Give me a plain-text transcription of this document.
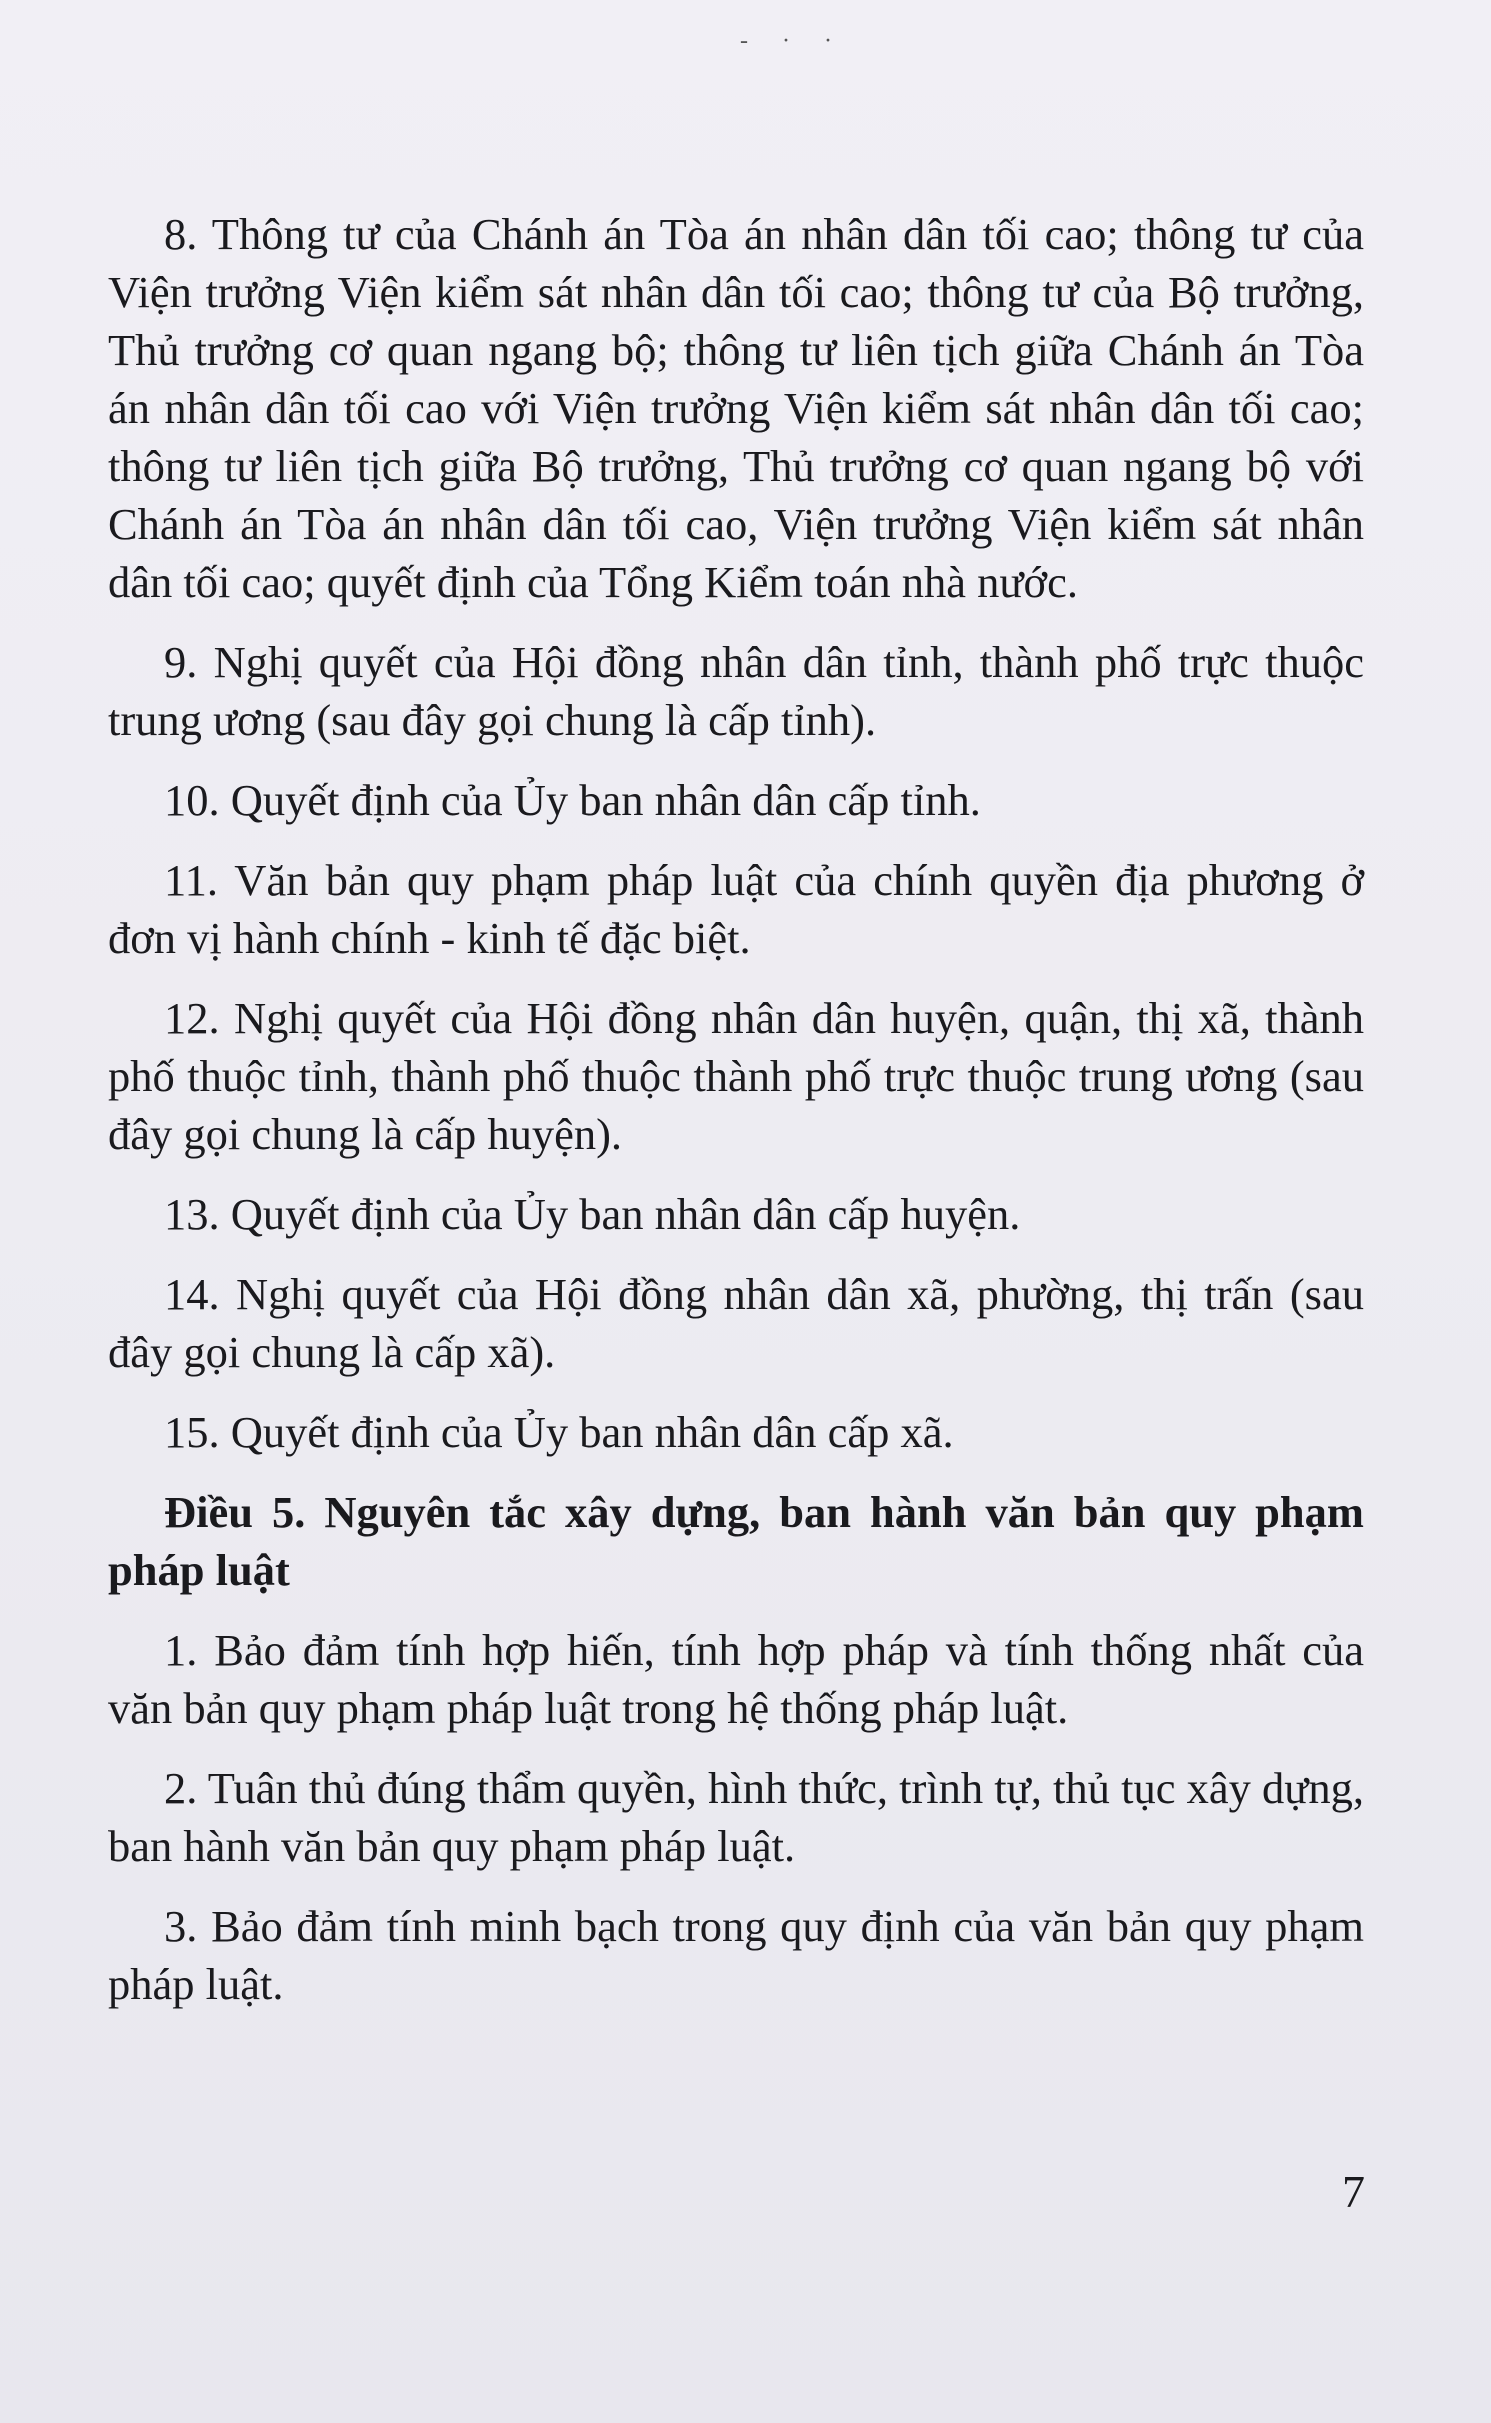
- · ·

8. Thông tư của Chánh án Tòa án nhân dân tối cao; thông tư của Viện trưởng Viện kiểm sát nhân dân tối cao; thông tư của Bộ trưởng, Thủ trưởng cơ quan ngang bộ; thông tư liên tịch giữa Chánh án Tòa án nhân dân tối cao với Viện trưởng Viện kiểm sát nhân dân tối cao; thông tư liên tịch giữa Bộ trưởng, Thủ trưởng cơ quan ngang bộ với Chánh án Tòa án nhân dân tối cao, Viện trưởng Viện kiểm sát nhân dân tối cao; quyết định của Tổng Kiểm toán nhà nước.

9. Nghị quyết của Hội đồng nhân dân tỉnh, thành phố trực thuộc trung ương (sau đây gọi chung là cấp tỉnh).

10. Quyết định của Ủy ban nhân dân cấp tỉnh.

11. Văn bản quy phạm pháp luật của chính quyền địa phương ở đơn vị hành chính - kinh tế đặc biệt.

12. Nghị quyết của Hội đồng nhân dân huyện, quận, thị xã, thành phố thuộc tỉnh, thành phố thuộc thành phố trực thuộc trung ương (sau đây gọi chung là cấp huyện).

13. Quyết định của Ủy ban nhân dân cấp huyện.

14. Nghị quyết của Hội đồng nhân dân xã, phường, thị trấn (sau đây gọi chung là cấp xã).

15. Quyết định của Ủy ban nhân dân cấp xã.

Điều 5. Nguyên tắc xây dựng, ban hành văn bản quy phạm pháp luật

1. Bảo đảm tính hợp hiến, tính hợp pháp và tính thống nhất của văn bản quy phạm pháp luật trong hệ thống pháp luật.

2. Tuân thủ đúng thẩm quyền, hình thức, trình tự, thủ tục xây dựng, ban hành văn bản quy phạm pháp luật.

3. Bảo đảm tính minh bạch trong quy định của văn bản quy phạm pháp luật.

7
